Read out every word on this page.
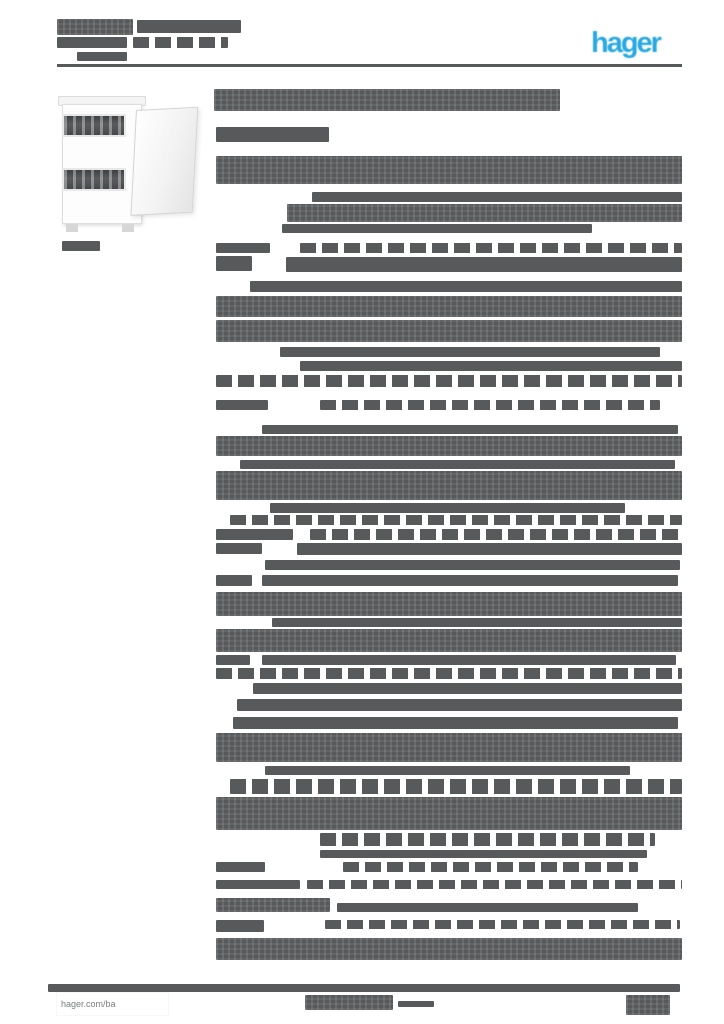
hager
hager.com/ba
